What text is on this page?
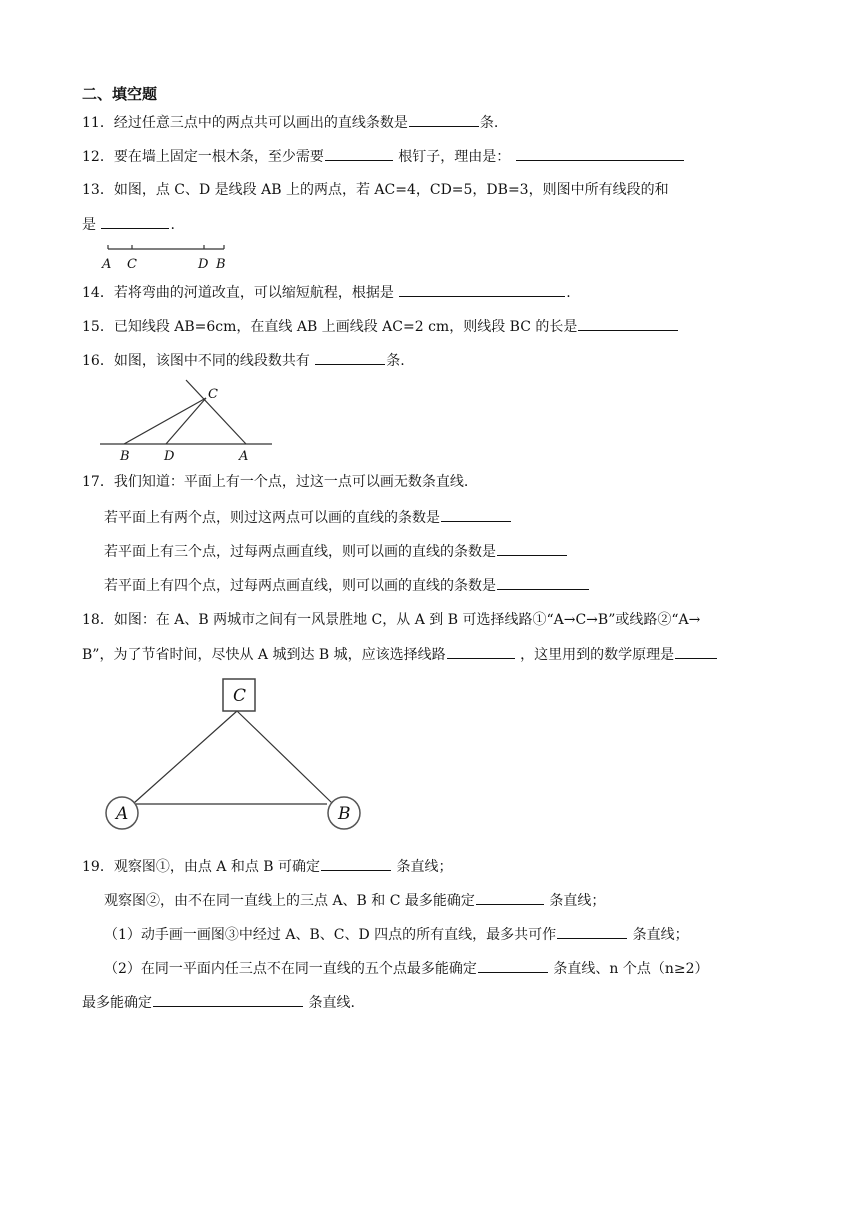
二、填空题
11．经过任意三点中的两点共可以画出的直线条数是	条.
12．要在墙上固定一根木条，至少需要	根钉子，理由是：
13．如图，点 C、D 是线段 AB 上的两点，若 AC=4，CD=5，DB=3，则图中所有线段的和
是	.
A C	D B
14．若将弯曲的河道改直，可以缩短航程，根据是	.
15．已知线段 AB=6cm，在直线 AB 上画线段 AC=2 cm，则线段 BC 的长是
16．如图，该图中不同的线段数共有	条.
C
B	D	A
17．我们知道：平面上有一个点，过这一点可以画无数条直线.
若平面上有两个点，则过这两点可以画的直线的条数是
若平面上有三个点，过每两点画直线，则可以画的直线的条数是
若平面上有四个点，过每两点画直线，则可以画的直线的条数是
18．如图：在 A、B 两城市之间有一风景胜地 C，从 A 到 B 可选择线路①“A→C→B”或线路②“A→
B”，为了节省时间，尽快从 A 城到达 B 城，应该选择线路	，这里用到的数学原理是
C
A	B
19．观察图①，由点 A 和点 B 可确定	条直线；
观察图②，由不在同一直线上的三点 A、B 和 C 最多能确定	条直线；
（1）动手画一画图③中经过 A、B、C、D 四点的所有直线，最多共可作	条直线；
（2）在同一平面内任三点不在同一直线的五个点最多能确定	条直线、n 个点（n≥2）
最多能确定	条直线.
